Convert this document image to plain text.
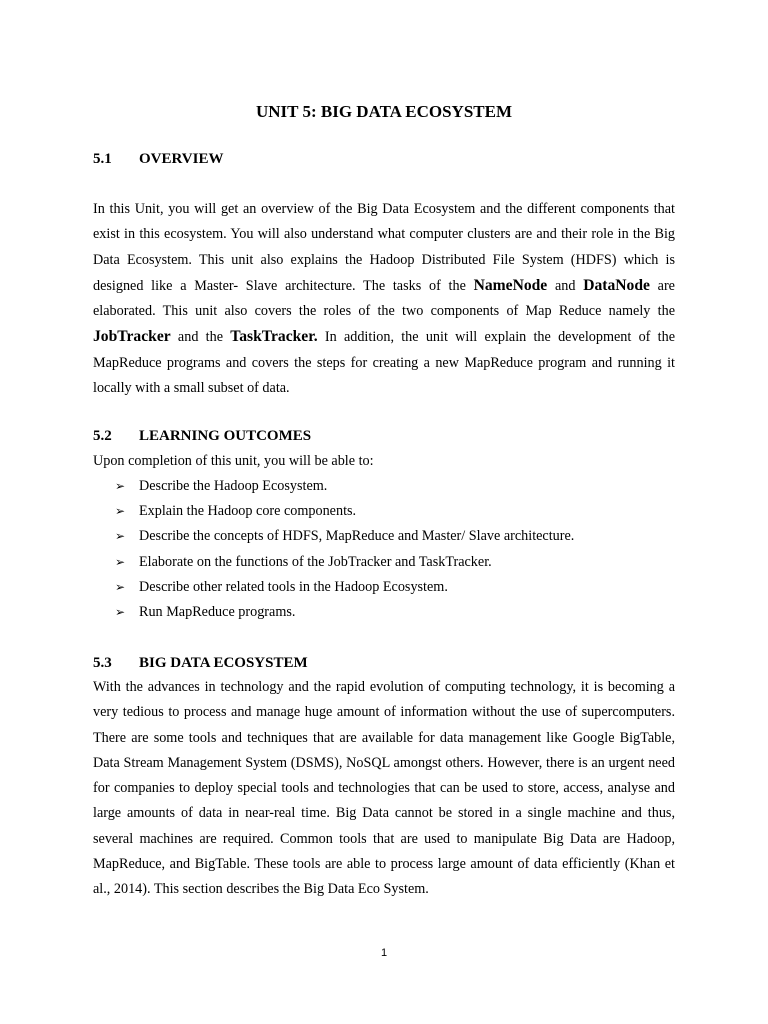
UNIT 5: BIG DATA ECOSYSTEM
5.1 OVERVIEW

In this Unit, you will get an overview of the Big Data Ecosystem and the different components that exist in this ecosystem. You will also understand what computer clusters are and their role in the Big Data Ecosystem. This unit also explains the Hadoop Distributed File System (HDFS) which is designed like a Master- Slave architecture. The tasks of the NameNode and DataNode are elaborated. This unit also covers the roles of the two components of Map Reduce namely the JobTracker and the TaskTracker. In addition, the unit will explain the development of the MapReduce programs and covers the steps for creating a new MapReduce program and running it locally with a small subset of data.

5.2 LEARNING OUTCOMES

Upon completion of this unit, you will be able to:

➢ Describe the Hadoop Ecosystem.
➢ Explain the Hadoop core components.
➢ Describe the concepts of HDFS, MapReduce and Master/ Slave architecture.
➢ Elaborate on the functions of the JobTracker and TaskTracker.
➢ Describe other related tools in the Hadoop Ecosystem.
➢ Run MapReduce programs.
5.3 BIG DATA ECOSYSTEM

With the advances in technology and the rapid evolution of computing technology, it is becoming a very tedious to process and manage huge amount of information without the use of supercomputers. There are some tools and techniques that are available for data management like Google BigTable, Data Stream Management System (DSMS), NoSQL amongst others. However, there is an urgent need for companies to deploy special tools and technologies that can be used to store, access, analyse and large amounts of data in near-real time. Big Data cannot be stored in a single machine and thus, several machines are required. Common tools that are used to manipulate Big Data are Hadoop, MapReduce, and BigTable. These tools are able to process large amount of data efficiently (Khan et al., 2014). This section describes the Big Data Eco System.

1
